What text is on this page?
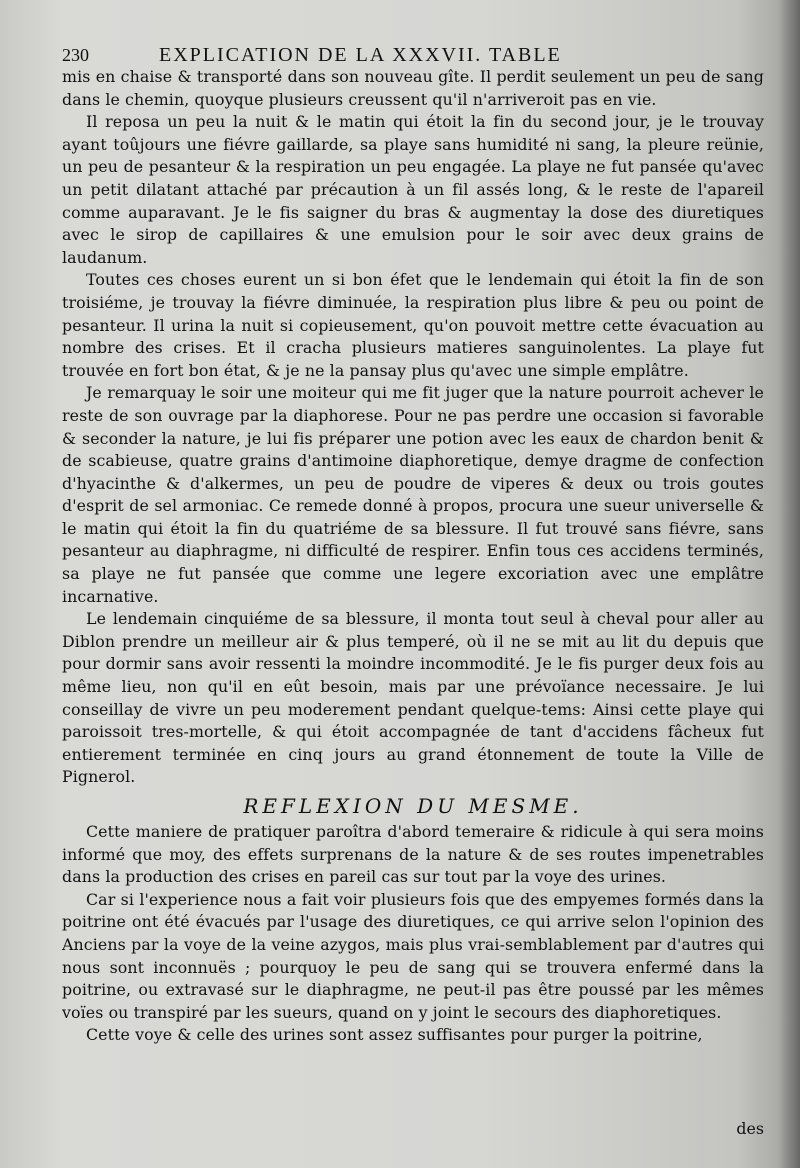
230	EXPLICATION DE LA XXXVII. TABLE

mis en chaise & transporté dans son nouveau gîte. Il perdit seulement un peu de sang dans le chemin, quoyque plusieurs creussent qu'il n'arriveroit pas en vie.

Il reposa un peu la nuit & le matin qui étoit la fin du second jour, je le trouvay ayant toûjours une fiévre gaillarde, sa playe sans humidité ni sang, la pleure reünie, un peu de pesanteur & la respiration un peu engagée. La playe ne fut pansée qu'avec un petit dilatant attaché par précaution à un fil assés long, & le reste de l'apareil comme auparavant. Je le fis saigner du bras & augmentay la dose des diuretiques avec le sirop de capillaires & une emulsion pour le soir avec deux grains de laudanum.

Toutes ces choses eurent un si bon éfet que le lendemain qui étoit la fin de son troisiéme, je trouvay la fiévre diminuée, la respiration plus libre & peu ou point de pesanteur. Il urina la nuit si copieusement, qu'on pouvoit mettre cette évacuation au nombre des crises. Et il cracha plusieurs matieres sanguinolentes. La playe fut trouvée en fort bon état, & je ne la pansay plus qu'avec une simple emplâtre.

Je remarquay le soir une moiteur qui me fit juger que la nature pourroit achever le reste de son ouvrage par la diaphorese. Pour ne pas perdre une occasion si favorable & seconder la nature, je lui fis préparer une potion avec les eaux de chardon benit & de scabieuse, quatre grains d'antimoine diaphoretique, demye dragme de confection d'hyacinthe & d'alkermes, un peu de poudre de viperes & deux ou trois goutes d'esprit de sel armoniac. Ce remede donné à propos, procura une sueur universelle & le matin qui étoit la fin du quatriéme de sa blessure. Il fut trouvé sans fiévre, sans pesanteur au diaphragme, ni difficulté de respirer. Enfin tous ces accidens terminés, sa playe ne fut pansée que comme une legere excoriation avec une emplâtre incarnative.

Le lendemain cinquiéme de sa blessure, il monta tout seul à cheval pour aller au Diblon prendre un meilleur air & plus temperé, où il ne se mit au lit du depuis que pour dormir sans avoir ressenti la moindre incommodité. Je le fis purger deux fois au même lieu, non qu'il en eût besoin, mais par une prévoïance necessaire. Je lui conseillay de vivre un peu moderement pendant quelque-tems: Ainsi cette playe qui paroissoit tres-mortelle, & qui étoit accompagnée de tant d'accidens fâcheux fut entierement terminée en cinq jours au grand étonnement de toute la Ville de Pignerol.

REFLEXION DU MESME.

Cette maniere de pratiquer paroîtra d'abord temeraire & ridicule à qui sera moins informé que moy, des effets surprenans de la nature & de ses routes impenetrables dans la production des crises en pareil cas sur tout par la voye des urines.

Car si l'experience nous a fait voir plusieurs fois que des empyemes formés dans la poitrine ont été évacués par l'usage des diuretiques, ce qui arrive selon l'opinion des Anciens par la voye de la veine azygos, mais plus vrai-semblablement par d'autres qui nous sont inconnuës ; pourquoy le peu de sang qui se trouvera enfermé dans la poitrine, ou extravasé sur le diaphragme, ne peut-il pas être poussé par les mêmes voïes ou transpiré par les sueurs, quand on y joint le secours des diaphoretiques.

Cette voye & celle des urines sont assez suffisantes pour purger la poitrine,

des
